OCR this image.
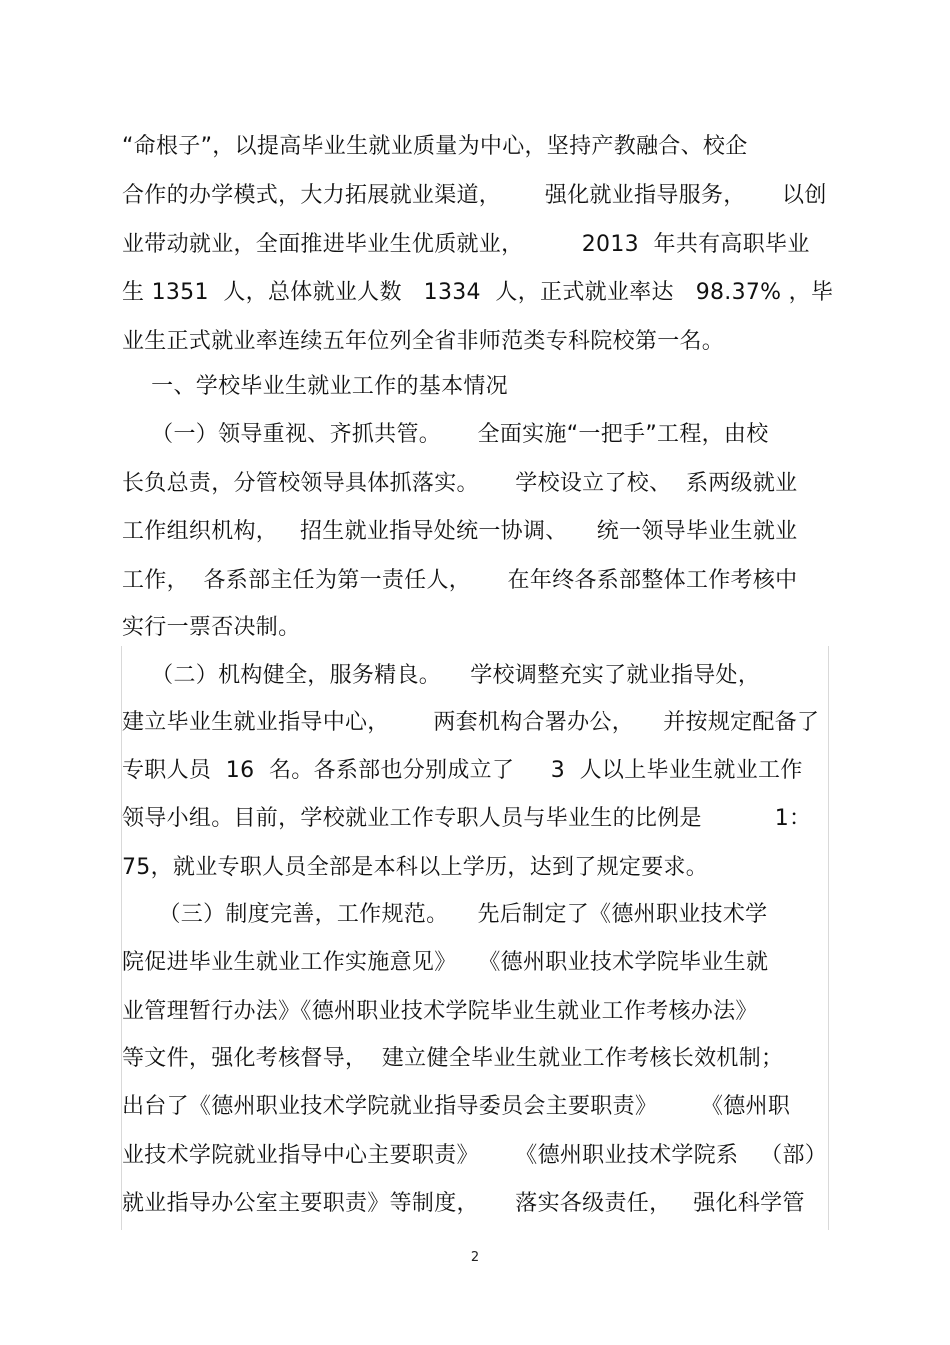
“命根子”，以提高毕业生就业质量为中心，坚持产教融合、校企
合作的办学模式，大力拓展就业渠道，      强化就业指导服务，     以创
业带动就业，全面推进毕业生优质就业，        2013  年共有高职毕业
生 1351  人，总体就业人数   1334  人，正式就业率达   98.37% ，毕
业生正式就业率连续五年位列全省非师范类专科院校第一名。
一、学校毕业生就业工作的基本情况
（一）领导重视、齐抓共管。     全面实施“一把手”工程，由校
长负总责，分管校领导具体抓落实。     学校设立了校、  系两级就业
工作组织机构，   招生就业指导处统一协调、    统一领导毕业生就业
工作，  各系部主任为第一责任人，     在年终各系部整体工作考核中
实行一票否决制。
（二）机构健全，服务精良。    学校调整充实了就业指导处，
建立毕业生就业指导中心，      两套机构合署办公，    并按规定配备了
专职人员  16  名。各系部也分别成立了     3  人以上毕业生就业工作
领导小组。目前，学校就业工作专职人员与毕业生的比例是          1：
75，就业专职人员全部是本科以上学历，达到了规定要求。
（三）制度完善，工作规范。    先后制定了《德州职业技术学
院促进毕业生就业工作实施意见》   《德州职业技术学院毕业生就
业管理暂行办法》《德州职业技术学院毕业生就业工作考核办法》
等文件，强化考核督导，  建立健全毕业生就业工作考核长效机制；
出台了《德州职业技术学院就业指导委员会主要职责》      《德州职
业技术学院就业指导中心主要职责》     《德州职业技术学院系   （部）
就业指导办公室主要职责》等制度，     落实各级责任，   强化科学管
2
